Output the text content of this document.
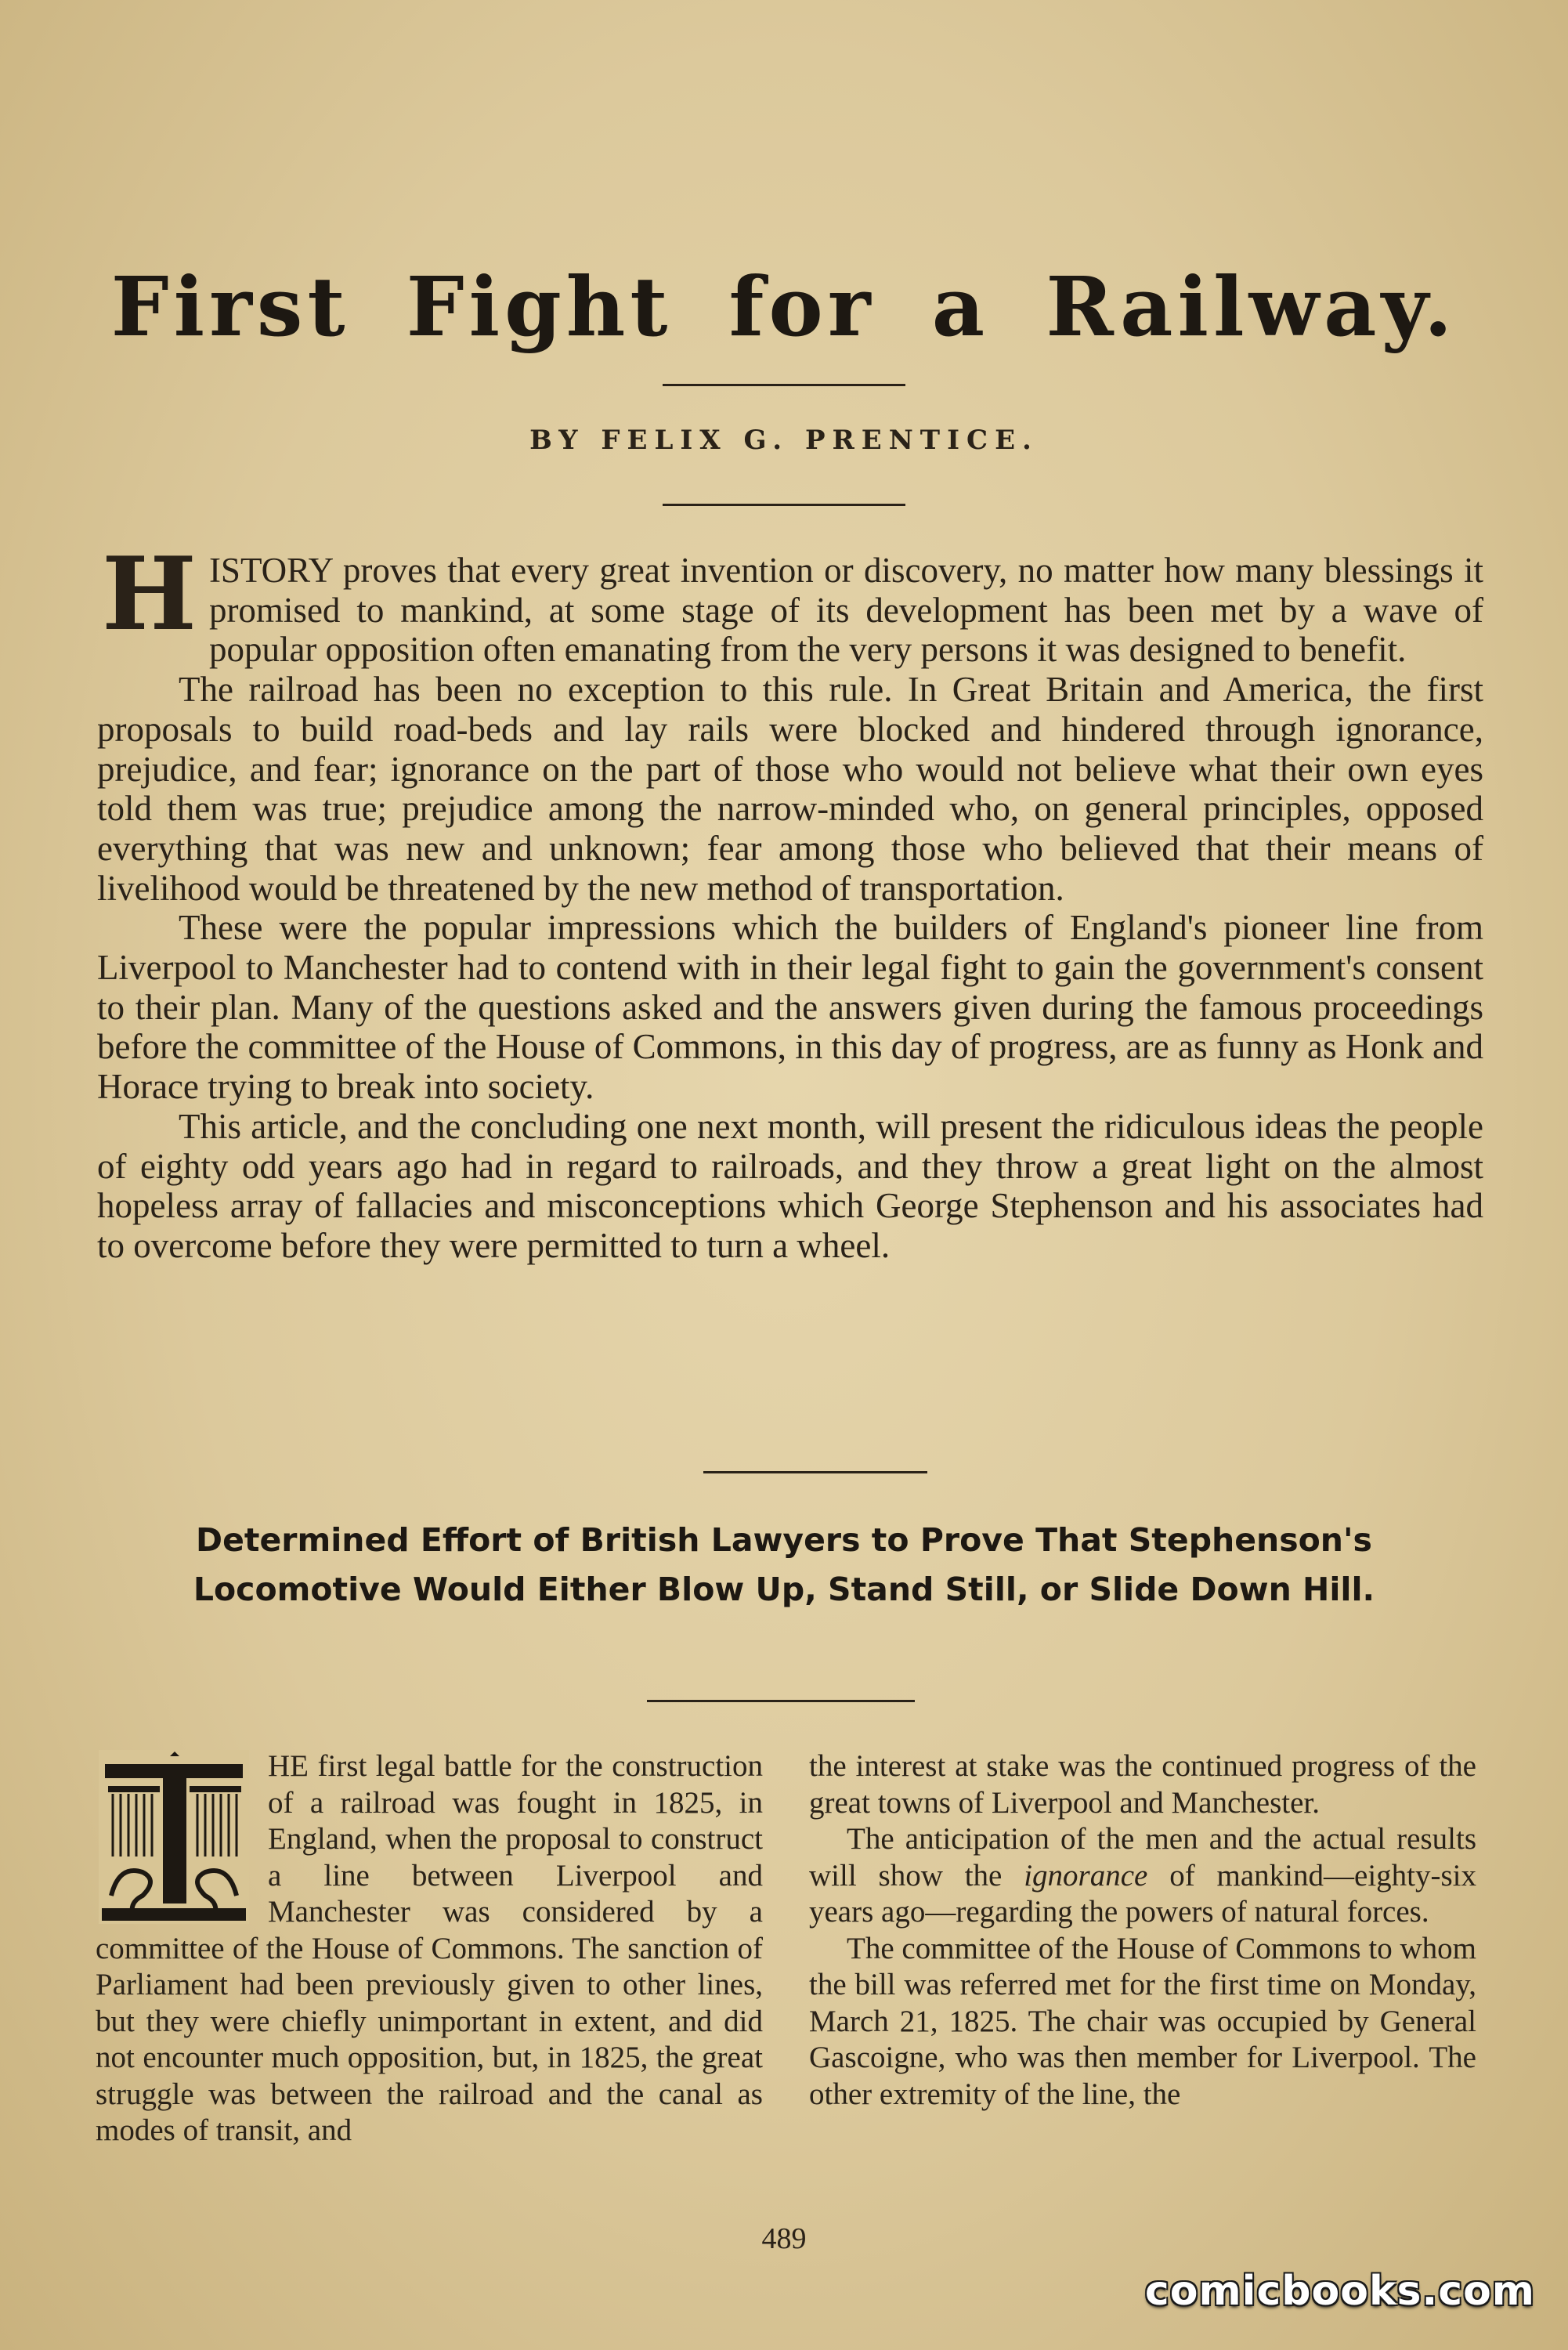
First Fight for a Railway.
BY FELIX G. PRENTICE.

HISTORY proves that every great invention or discovery, no matter how many blessings it promised to mankind, at some stage of its development has been met by a wave of popular opposition often emanating from the very persons it was designed to benefit.

The railroad has been no exception to this rule. In Great Britain and America, the first proposals to build road-beds and lay rails were blocked and hindered through ignorance, prejudice, and fear; ignorance on the part of those who would not believe what their own eyes told them was true; prejudice among the narrow-minded who, on general principles, opposed everything that was new and unknown; fear among those who believed that their means of livelihood would be threatened by the new method of transportation.

These were the popular impressions which the builders of England's pioneer line from Liverpool to Manchester had to contend with in their legal fight to gain the government's consent to their plan. Many of the questions asked and the answers given during the famous proceedings before the committee of the House of Commons, in this day of progress, are as funny as Honk and Horace trying to break into society.

This article, and the concluding one next month, will present the ridiculous ideas the people of eighty odd years ago had in regard to railroads, and they throw a great light on the almost hopeless array of fallacies and misconceptions which George Stephenson and his associates had to overcome before they were permitted to turn a wheel.

Determined Effort of British Lawyers to Prove That Stephenson's Locomotive Would Either Blow Up, Stand Still, or Slide Down Hill.

HE first legal battle for the construction of a railroad was fought in 1825, in England, when the proposal to construct a line between Liverpool and Manchester was considered by a committee of the House of Commons. The sanction of Parliament had been previously given to other lines, but they were chiefly unimportant in extent, and did not encounter much opposition, but, in 1825, the great struggle was between the railroad and the canal as modes of transit, and

the interest at stake was the continued progress of the great towns of Liverpool and Manchester.

The anticipation of the men and the actual results will show the ignorance of mankind—eighty-six years ago—regarding the powers of natural forces.

The committee of the House of Commons to whom the bill was referred met for the first time on Monday, March 21, 1825. The chair was occupied by General Gascoigne, who was then member for Liverpool. The other extremity of the line, the

489
comicbooks.com
